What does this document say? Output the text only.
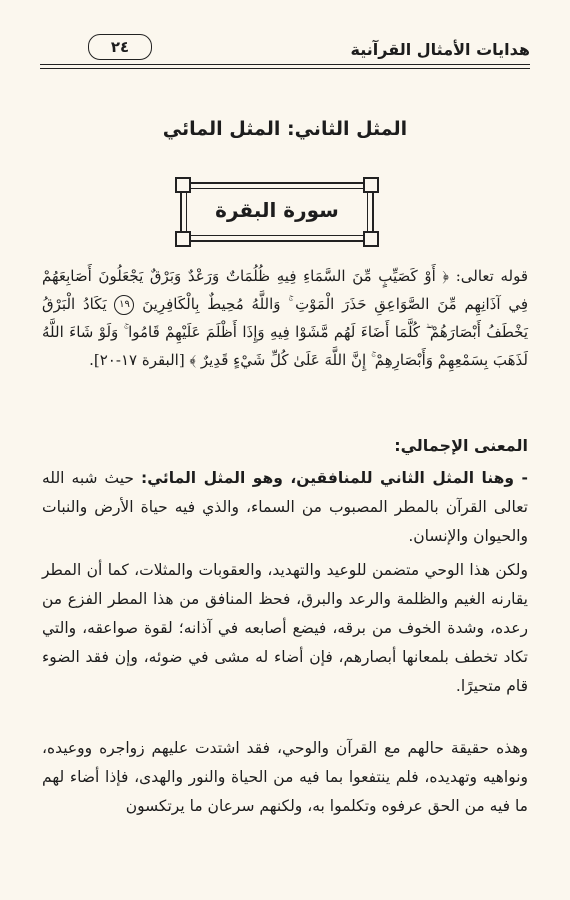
هدايات الأمثال القرآنية
٢٤
المثل الثاني: المثل المائي
سورة البقرة
قوله تعالى: ﴿ أَوْ كَصَيِّبٍ مِّنَ السَّمَاءِ فِيهِ ظُلُمَاتٌ وَرَعْدٌ وَبَرْقٌ يَجْعَلُونَ أَصَابِعَهُمْ فِي آذَانِهِم مِّنَ الصَّوَاعِقِ حَذَرَ الْمَوْتِ ۚ وَاللَّهُ مُحِيطٌ بِالْكَافِرِينَ ١٩ يَكَادُ الْبَرْقُ يَخْطَفُ أَبْصَارَهُمْ ۖ كُلَّمَا أَضَاءَ لَهُم مَّشَوْا فِيهِ وَإِذَا أَظْلَمَ عَلَيْهِمْ قَامُوا ۚ وَلَوْ شَاءَ اللَّهُ لَذَهَبَ بِسَمْعِهِمْ وَأَبْصَارِهِمْ ۚ إِنَّ اللَّهَ عَلَىٰ كُلِّ شَيْءٍ قَدِيرٌ ﴾ [البقرة ١٧-٢٠].
المعنى الإجمالي:
- وهنا المثل الثاني للمنافقين، وهو المثل المائي: حيث شبه الله تعالى القرآن بالمطر المصبوب من السماء، والذي فيه حياة الأرض والنبات والحيوان والإنسان.
ولكن هذا الوحي متضمن للوعيد والتهديد، والعقوبات والمثلات، كما أن المطر يقارنه الغيم والظلمة والرعد والبرق، فحظ المنافق من هذا المطر الفزع من رعده، وشدة الخوف من برقه، فيضع أصابعه في آذانه؛ لقوة صواعقه، والتي تكاد تخطف بلمعانها أبصارهم، فإن أضاء له مشى في ضوئه، وإن فقد الضوء قام متحيرًا.
وهذه حقيقة حالهم مع القرآن والوحي، فقد اشتدت عليهم زواجره ووعيده، ونواهيه وتهديده، فلم ينتفعوا بما فيه من الحياة والنور والهدى، فإذا أضاء لهم ما فيه من الحق عرفوه وتكلموا به، ولكنهم سرعان ما يرتكسون
